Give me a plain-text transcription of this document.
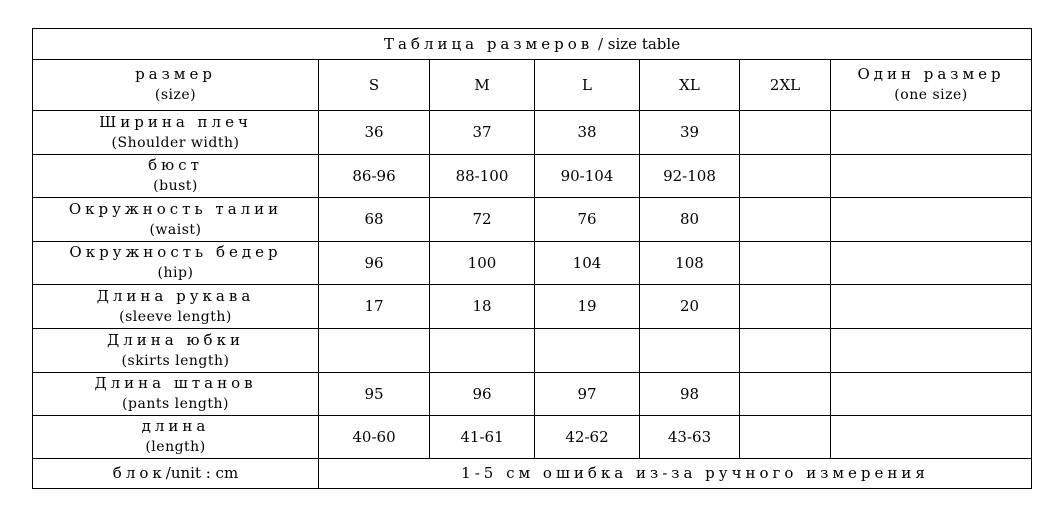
Таблица размеров / size table						

размер
(size)	S	M	L	XL	2XL	Один размер
(one size)

Ширина плеч
(Shoulder width)	36	37	38	39		

бюст
(bust)	86-96	88-100	90-104	92-108		

Окружность талии
(waist)	68	72	76	80		

Окружность бедер
(hip)	96	100	104	108		

Длина рукава
(sleeve length)	17	18	19	20		

Длина юбки
(skirts length)						

Длина штанов
(pants length)	95	96	97	98		

длина
(length)	40-60	41-61	42-62	43-63		
блок/unit : cm	1-5 см ошибка из-за ручного измерения					
